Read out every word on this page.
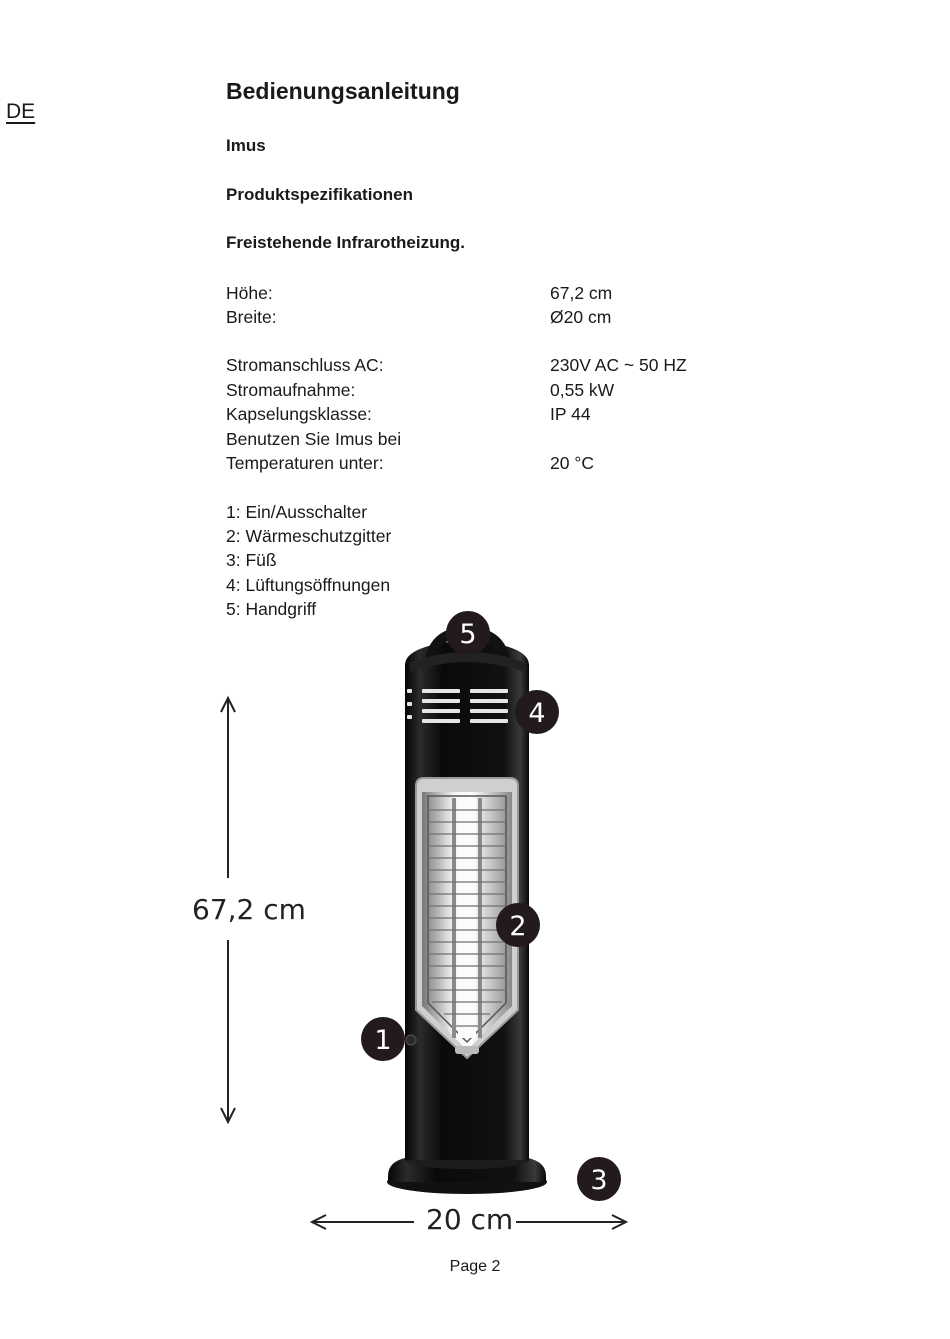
DE
Bedienungsanleitung
Imus
Produktspezifikationen
Freistehende Infrarotheizung.
Höhe:	67,2 cm
Breite:	Ø20 cm
Stromanschluss AC:	230V AC ~ 50 HZ
Stromaufnahme:	0,55 kW
Kapselungsklasse:	IP 44
Benutzen Sie Imus bei
Temperaturen unter:	20 °C
1: Ein/Ausschalter
2: Wärmeschutzgitter
3: Füß
4: Lüftungsöffnungen
5: Handgriff
1
2
3
4
5
67,2 cm
20 cm
Page 2
